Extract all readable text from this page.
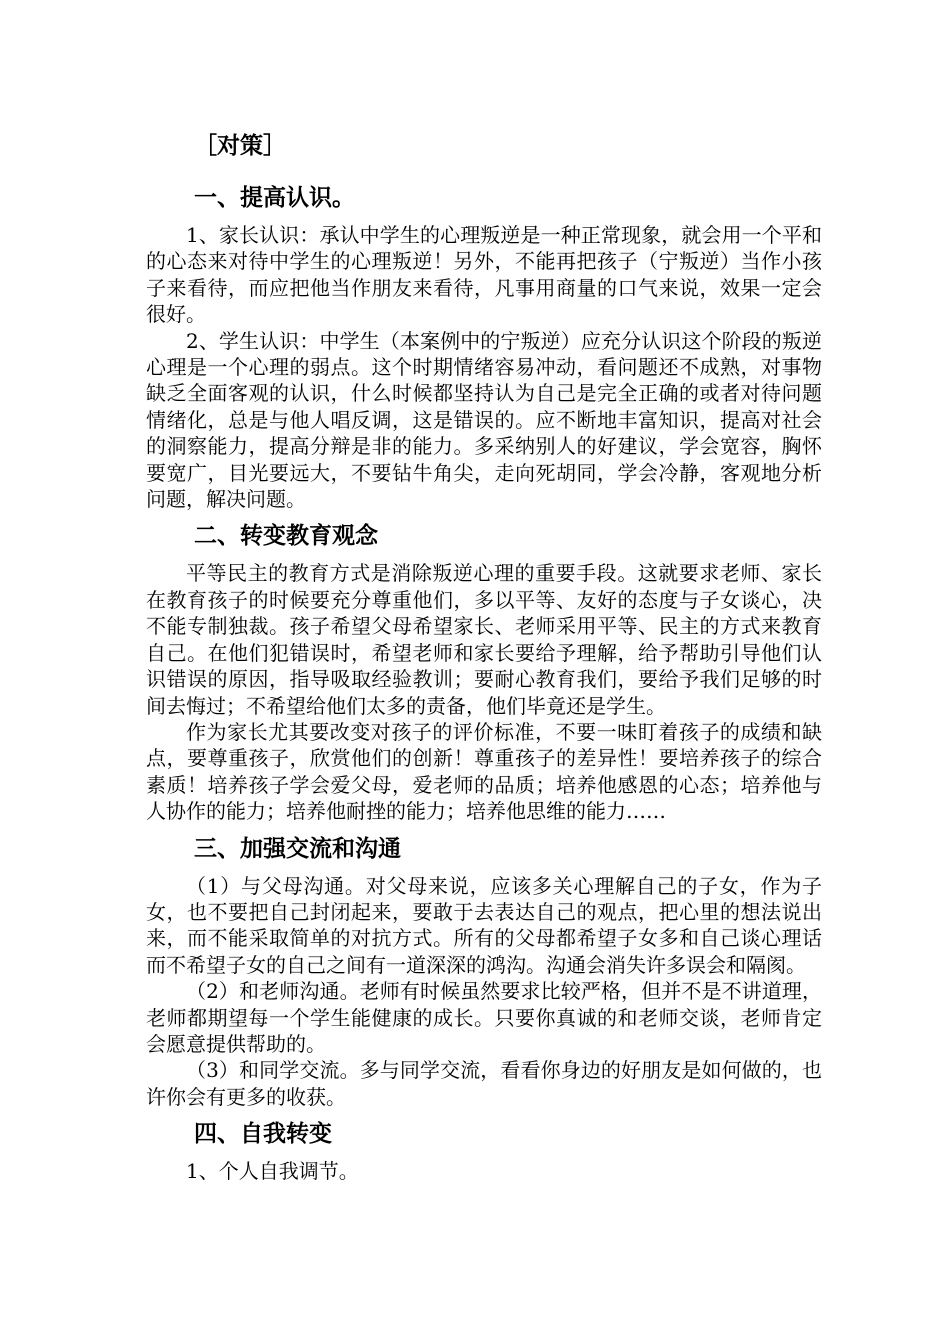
［对策］
一、提高认识。

1、家长认识：承认中学生的心理叛逆是一种正常现象，就会用一个平和的心态来对待中学生的心理叛逆！另外，不能再把孩子（宁叛逆）当作小孩子来看待，而应把他当作朋友来看待，凡事用商量的口气来说，效果一定会很好。

2、学生认识：中学生（本案例中的宁叛逆）应充分认识这个阶段的叛逆心理是一个心理的弱点。这个时期情绪容易冲动，看问题还不成熟，对事物缺乏全面客观的认识，什么时候都坚持认为自己是完全正确的或者对待问题情绪化，总是与他人唱反调，这是错误的。应不断地丰富知识，提高对社会的洞察能力，提高分辩是非的能力。多采纳别人的好建议，学会宽容，胸怀要宽广，目光要远大，不要钻牛角尖，走向死胡同，学会冷静，客观地分析问题，解决问题。

二、转变教育观念

平等民主的教育方式是消除叛逆心理的重要手段。这就要求老师、家长在教育孩子的时候要充分尊重他们，多以平等、友好的态度与子女谈心，决不能专制独裁。孩子希望父母希望家长、老师采用平等、民主的方式来教育自己。在他们犯错误时，希望老师和家长要给予理解，给予帮助引导他们认识错误的原因，指导吸取经验教训；要耐心教育我们，要给予我们足够的时间去悔过；不希望给他们太多的责备，他们毕竟还是学生。

作为家长尤其要改变对孩子的评价标准，不要一味盯着孩子的成绩和缺点，要尊重孩子，欣赏他们的创新！尊重孩子的差异性！要培养孩子的综合素质！培养孩子学会爱父母，爱老师的品质；培养他感恩的心态；培养他与人协作的能力；培养他耐挫的能力；培养他思维的能力……

三、加强交流和沟通

（1）与父母沟通。对父母来说，应该多关心理解自己的子女，作为子女，也不要把自己封闭起来，要敢于去表达自己的观点，把心里的想法说出来，而不能采取简单的对抗方式。所有的父母都希望子女多和自己谈心理话而不希望子女的自己之间有一道深深的鸿沟。沟通会消失许多误会和隔阂。

（2）和老师沟通。老师有时候虽然要求比较严格，但并不是不讲道理，老师都期望每一个学生能健康的成长。只要你真诚的和老师交谈，老师肯定会愿意提供帮助的。

（3）和同学交流。多与同学交流，看看你身边的好朋友是如何做的，也许你会有更多的收获。

四、自我转变

1、个人自我调节。
